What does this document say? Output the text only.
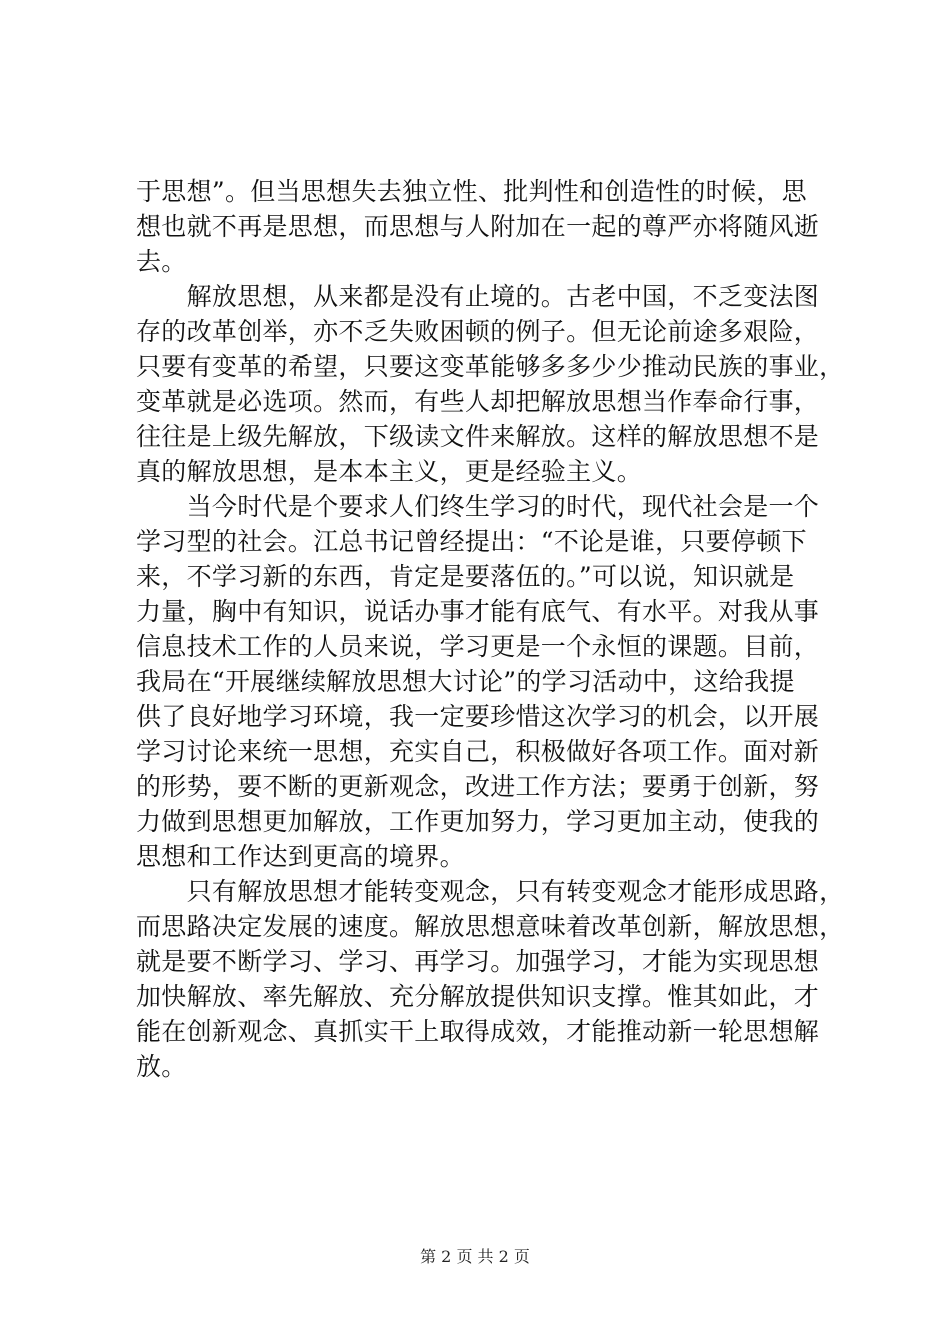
于思想”。但当思想失去独立性、批判性和创造性的时候，思
想也就不再是思想，而思想与人附加在一起的尊严亦将随风逝
去。
　　解放思想，从来都是没有止境的。古老中国，不乏变法图
存的改革创举，亦不乏失败困顿的例子。但无论前途多艰险，
只要有变革的希望，只要这变革能够多多少少推动民族的事业，
变革就是必选项。然而，有些人却把解放思想当作奉命行事，
往往是上级先解放，下级读文件来解放。这样的解放思想不是
真的解放思想，是本本主义，更是经验主义。
　　当今时代是个要求人们终生学习的时代，现代社会是一个
学习型的社会。江总书记曾经提出：“不论是谁，只要停顿下
来，不学习新的东西，肯定是要落伍的。”可以说，知识就是
力量，胸中有知识，说话办事才能有底气、有水平。对我从事
信息技术工作的人员来说，学习更是一个永恒的课题。目前，
我局在“开展继续解放思想大讨论”的学习活动中，这给我提
供了良好地学习环境，我一定要珍惜这次学习的机会，以开展
学习讨论来统一思想，充实自己，积极做好各项工作。面对新
的形势，要不断的更新观念，改进工作方法；要勇于创新，努
力做到思想更加解放，工作更加努力，学习更加主动，使我的
思想和工作达到更高的境界。
　　只有解放思想才能转变观念，只有转变观念才能形成思路，
而思路决定发展的速度。解放思想意味着改革创新，解放思想，
就是要不断学习、学习、再学习。加强学习，才能为实现思想
加快解放、率先解放、充分解放提供知识支撑。惟其如此，才
能在创新观念、真抓实干上取得成效，才能推动新一轮思想解
放。
第 2 页 共 2 页
